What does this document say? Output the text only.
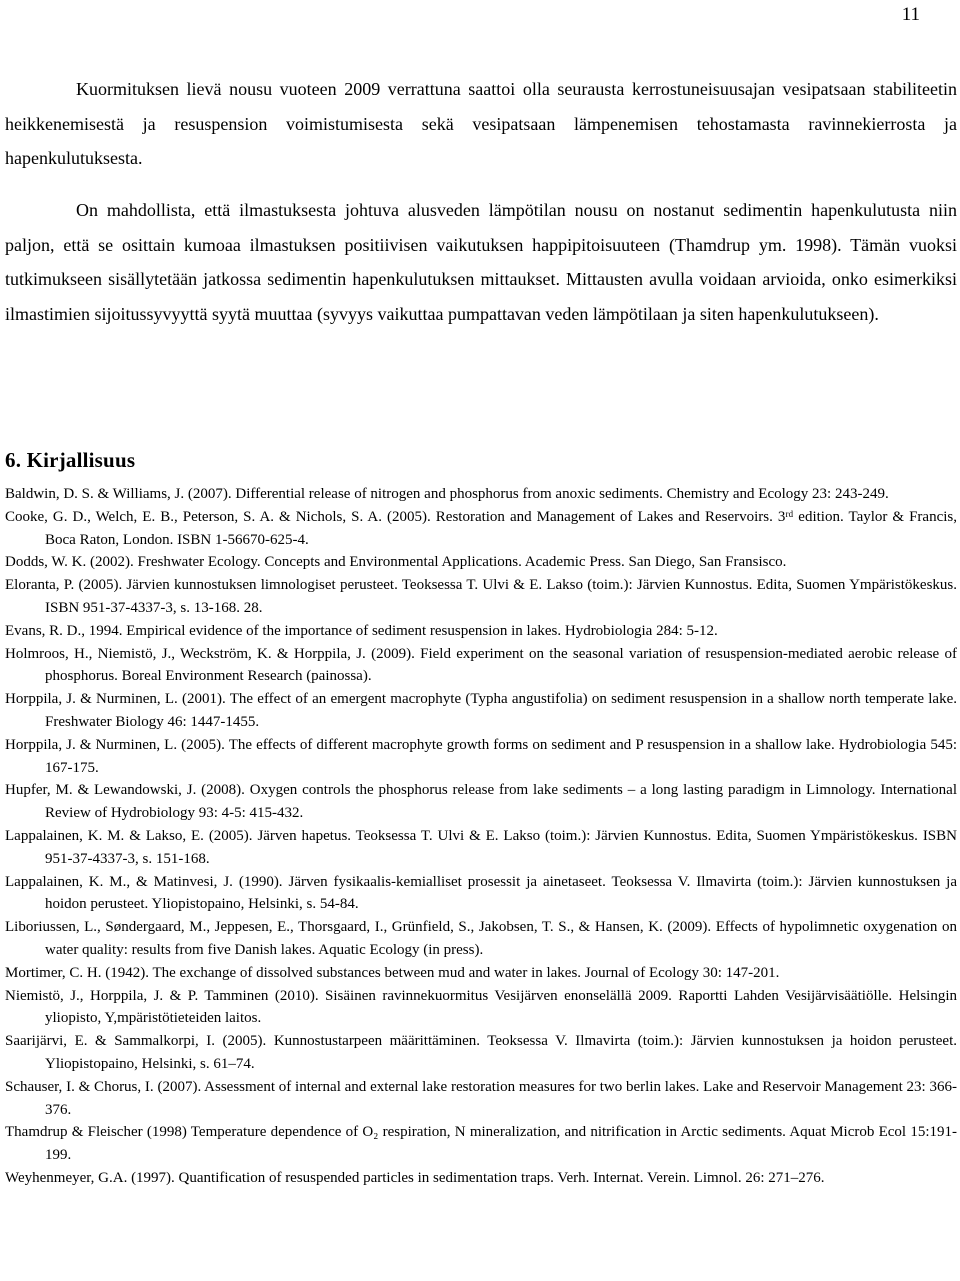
11

Kuormituksen lievä nousu vuoteen 2009 verrattuna saattoi olla seurausta kerrostuneisuusajan vesipatsaan stabiliteetin heikkenemisestä ja resuspension voimistumisesta sekä vesipatsaan lämpenemisen tehostamasta ravinnekierrosta ja hapenkulutuksesta.

On mahdollista, että ilmastuksesta johtuva alusveden lämpötilan nousu on nostanut sedimentin hapenkulutusta niin paljon, että se osittain kumoaa ilmastuksen positiivisen vaikutuksen happipitoisuuteen (Thamdrup ym. 1998). Tämän vuoksi tutkimukseen sisällytetään jatkossa sedimentin hapenkulutuksen mittaukset. Mittausten avulla voidaan arvioida, onko esimerkiksi ilmastimien sijoitussyvyyttä syytä muuttaa (syvyys vaikuttaa pumpattavan veden lämpötilaan ja siten hapenkulutukseen).

6. Kirjallisuus
Baldwin, D. S. & Williams, J. (2007). Differential release of nitrogen and phosphorus from anoxic sediments. Chemistry and Ecology 23: 243-249.
Cooke, G. D., Welch, E. B., Peterson, S. A. & Nichols, S. A. (2005). Restoration and Management of Lakes and Reservoirs. 3ʳᵈ edition. Taylor & Francis, Boca Raton, London. ISBN 1-56670-625-4.
Dodds, W. K. (2002). Freshwater Ecology. Concepts and Environmental Applications. Academic Press. San Diego, San Fransisco.
Eloranta, P. (2005). Järvien kunnostuksen limnologiset perusteet. Teoksessa T. Ulvi & E. Lakso (toim.): Järvien Kunnostus. Edita, Suomen Ympäristökeskus. ISBN 951-37-4337-3, s. 13-168. 28.
Evans, R. D., 1994. Empirical evidence of the importance of sediment resuspension in lakes. Hydrobiologia 284: 5-12.
Holmroos, H., Niemistö, J., Weckström, K. & Horppila, J. (2009). Field experiment on the seasonal variation of resuspension-mediated aerobic release of phosphorus. Boreal Environment Research (painossa).
Horppila, J. & Nurminen, L. (2001). The effect of an emergent macrophyte (Typha angustifolia) on sediment resuspension in a shallow north temperate lake. Freshwater Biology 46: 1447-1455.
Horppila, J. & Nurminen, L. (2005). The effects of different macrophyte growth forms on sediment and P resuspension in a shallow lake. Hydrobiologia 545: 167-175.
Hupfer, M. & Lewandowski, J. (2008). Oxygen controls the phosphorus release from lake sediments – a long lasting paradigm in Limnology. International Review of Hydrobiology 93: 4-5: 415-432.
Lappalainen, K. M. & Lakso, E. (2005). Järven hapetus. Teoksessa T. Ulvi & E. Lakso (toim.): Järvien Kunnostus. Edita, Suomen Ympäristökeskus. ISBN 951-37-4337-3, s. 151-168.
Lappalainen, K. M., & Matinvesi, J. (1990). Järven fysikaalis-kemialliset prosessit ja ainetaseet. Teoksessa V. Ilmavirta (toim.): Järvien kunnostuksen ja hoidon perusteet. Yliopistopaino, Helsinki, s. 54-84.
Liboriussen, L., Søndergaard, M., Jeppesen, E., Thorsgaard, I., Grünfield, S., Jakobsen, T. S., & Hansen, K. (2009). Effects of hypolimnetic oxygenation on water quality: results from five Danish lakes. Aquatic Ecology (in press).
Mortimer, C. H. (1942). The exchange of dissolved substances between mud and water in lakes. Journal of Ecology 30: 147-201.
Niemistö, J., Horppila, J. & P. Tamminen (2010). Sisäinen ravinnekuormitus Vesijärven enonselällä 2009. Raportti Lahden Vesijärvisäätiölle. Helsingin yliopisto, Y,mpäristötieteiden laitos.
Saarijärvi, E. & Sammalkorpi, I. (2005). Kunnostustarpeen määrittäminen. Teoksessa V. Ilmavirta (toim.): Järvien kunnostuksen ja hoidon perusteet. Yliopistopaino, Helsinki, s. 61–74.
Schauser, I. & Chorus, I. (2007). Assessment of internal and external lake restoration measures for two berlin lakes. Lake and Reservoir Management 23: 366-376.
Thamdrup & Fleischer (1998) Temperature dependence of O₂ respiration, N mineralization, and nitrification in Arctic sediments. Aquat Microb Ecol 15:191-199.
Weyhenmeyer, G.A. (1997). Quantification of resuspended particles in sedimentation traps. Verh. Internat. Verein. Limnol. 26: 271–276.
